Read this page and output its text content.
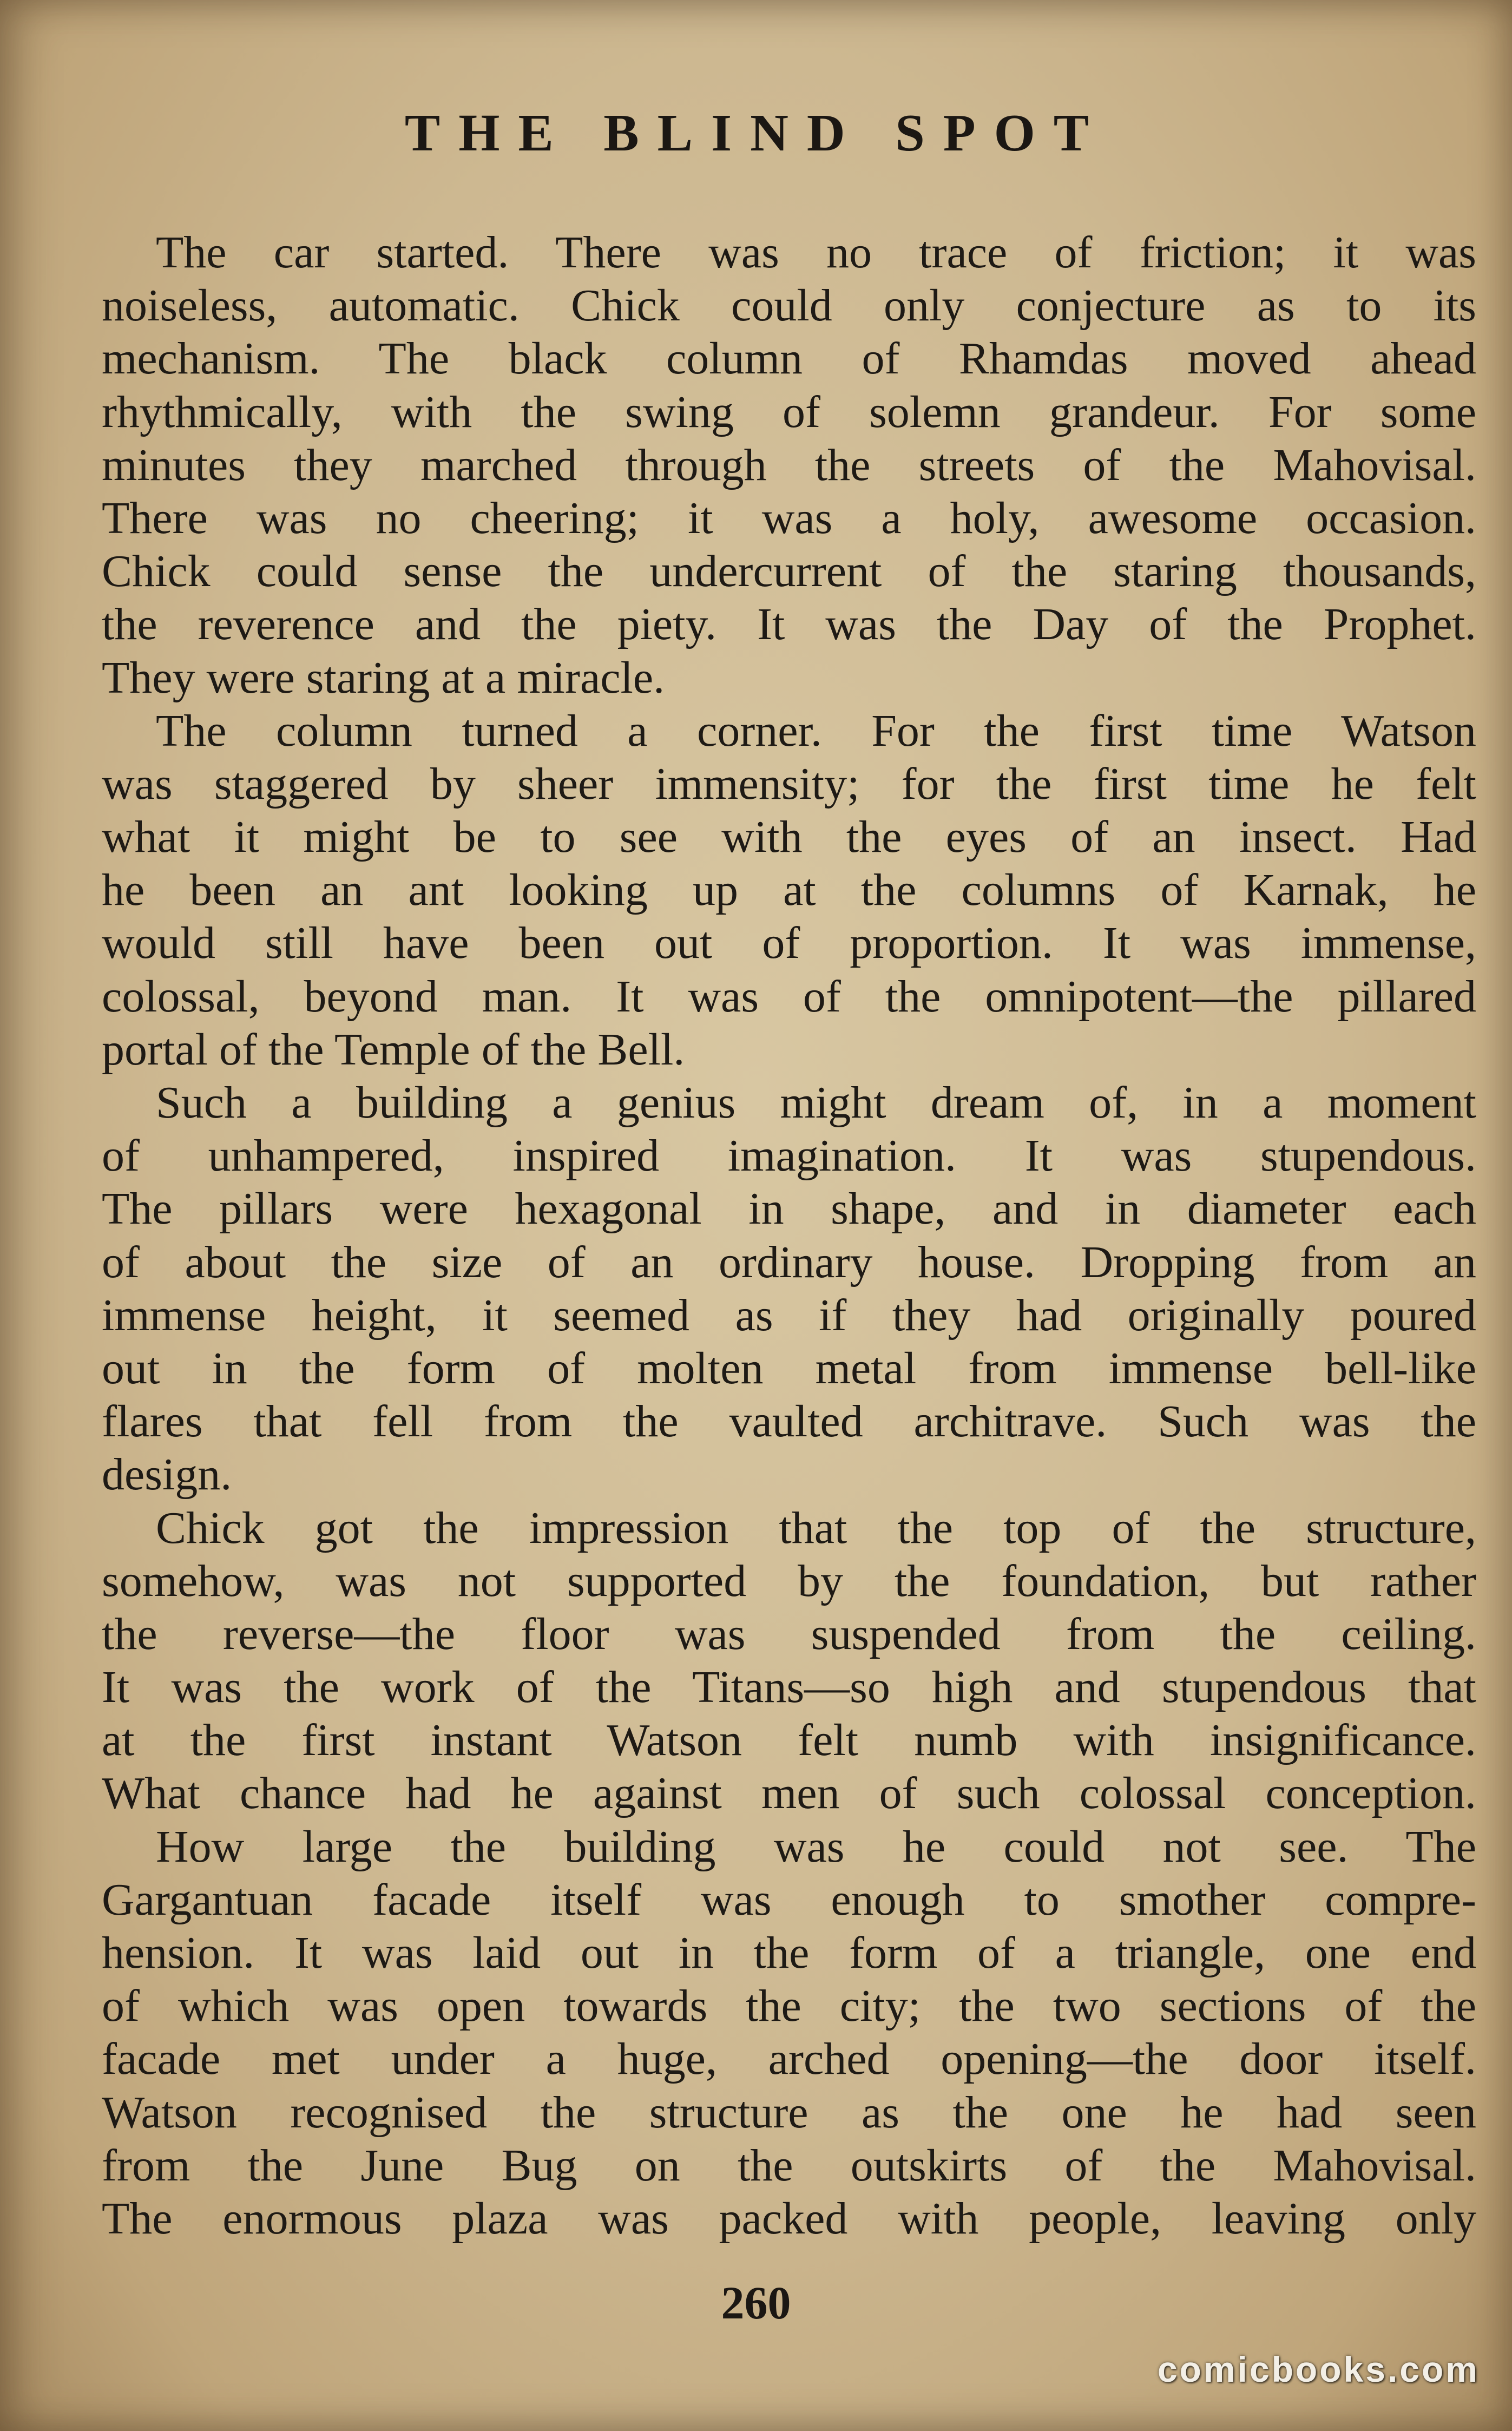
THE BLIND SPOT
The car started. There was no trace of friction; it was
noiseless, automatic. Chick could only conjecture as to its
mechanism. The black column of Rhamdas moved ahead
rhythmically, with the swing of solemn grandeur. For some
minutes they marched through the streets of the Mahovisal.
There was no cheering; it was a holy, awesome occasion.
Chick could sense the undercurrent of the staring thousands,
the reverence and the piety. It was the Day of the Prophet.
They were staring at a miracle.
The column turned a corner. For the first time Watson
was staggered by sheer immensity; for the first time he felt
what it might be to see with the eyes of an insect. Had
he been an ant looking up at the columns of Karnak, he
would still have been out of proportion. It was immense,
colossal, beyond man. It was of the omnipotent—the pillared
portal of the Temple of the Bell.
Such a building a genius might dream of, in a moment
of unhampered, inspired imagination. It was stupendous.
The pillars were hexagonal in shape, and in diameter each
of about the size of an ordinary house. Dropping from an
immense height, it seemed as if they had originally poured
out in the form of molten metal from immense bell-like
flares that fell from the vaulted architrave. Such was the
design.
Chick got the impression that the top of the structure,
somehow, was not supported by the foundation, but rather
the reverse—the floor was suspended from the ceiling.
It was the work of the Titans—so high and stupendous that
at the first instant Watson felt numb with insignificance.
What chance had he against men of such colossal conception.
How large the building was he could not see. The
Gargantuan facade itself was enough to smother compre-
hension. It was laid out in the form of a triangle, one end
of which was open towards the city; the two sections of the
facade met under a huge, arched opening—the door itself.
Watson recognised the structure as the one he had seen
from the June Bug on the outskirts of the Mahovisal.
The enormous plaza was packed with people, leaving only
260
comicbooks.com
